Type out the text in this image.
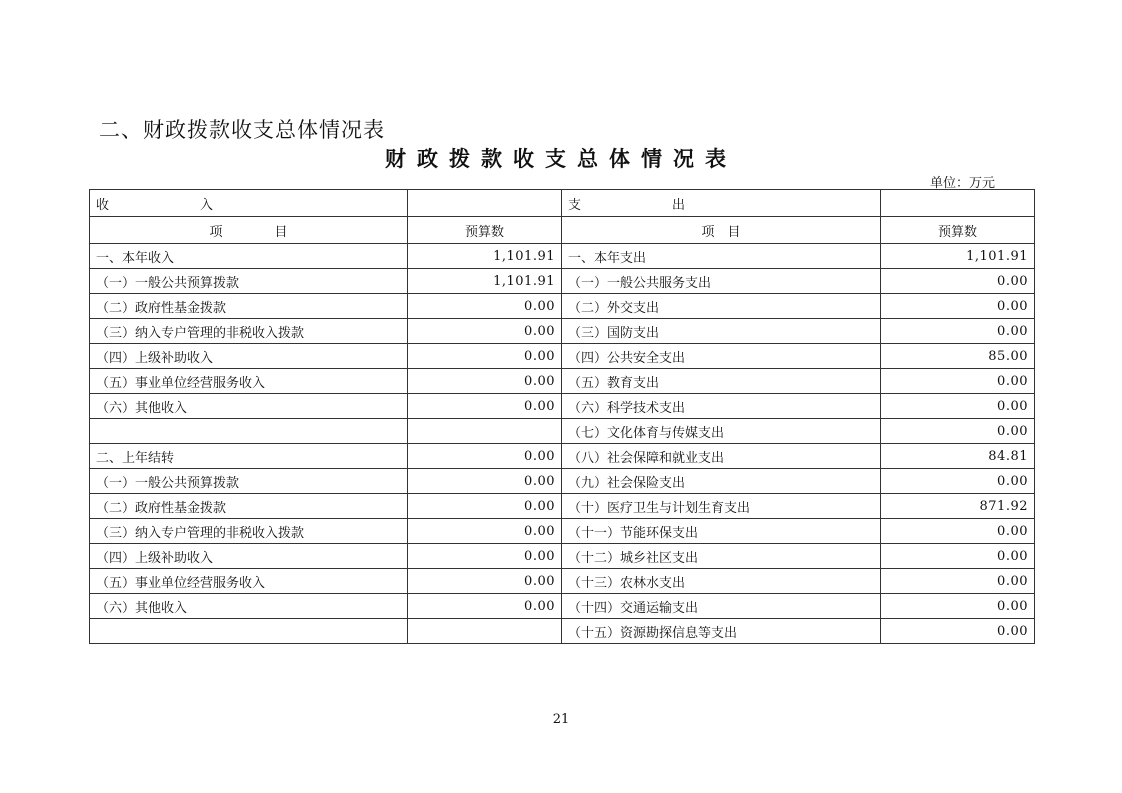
二、财政拨款收支总体情况表
财政拨款收支总体情况表
单位：万元
收　　　　　　　入		支　　　　　　　出	
项　　　　目	预算数	项　目	预算数
一、本年收入	1,101.91	一、本年支出	1,101.91
（一）一般公共预算拨款	1,101.91	（一）一般公共服务支出	0.00
（二）政府性基金拨款	0.00	（二）外交支出	0.00
（三）纳入专户管理的非税收入拨款	0.00	（三）国防支出	0.00
（四）上级补助收入	0.00	（四）公共安全支出	85.00
（五）事业单位经营服务收入	0.00	（五）教育支出	0.00
（六）其他收入	0.00	（六）科学技术支出	0.00
		（七）文化体育与传媒支出	0.00
二、上年结转	0.00	（八）社会保障和就业支出	84.81
（一）一般公共预算拨款	0.00	（九）社会保险支出	0.00
（二）政府性基金拨款	0.00	（十）医疗卫生与计划生育支出	871.92
（三）纳入专户管理的非税收入拨款	0.00	（十一）节能环保支出	0.00
（四）上级补助收入	0.00	（十二）城乡社区支出	0.00
（五）事业单位经营服务收入	0.00	（十三）农林水支出	0.00
（六）其他收入	0.00	（十四）交通运输支出	0.00
		（十五）资源勘探信息等支出	0.00
21
